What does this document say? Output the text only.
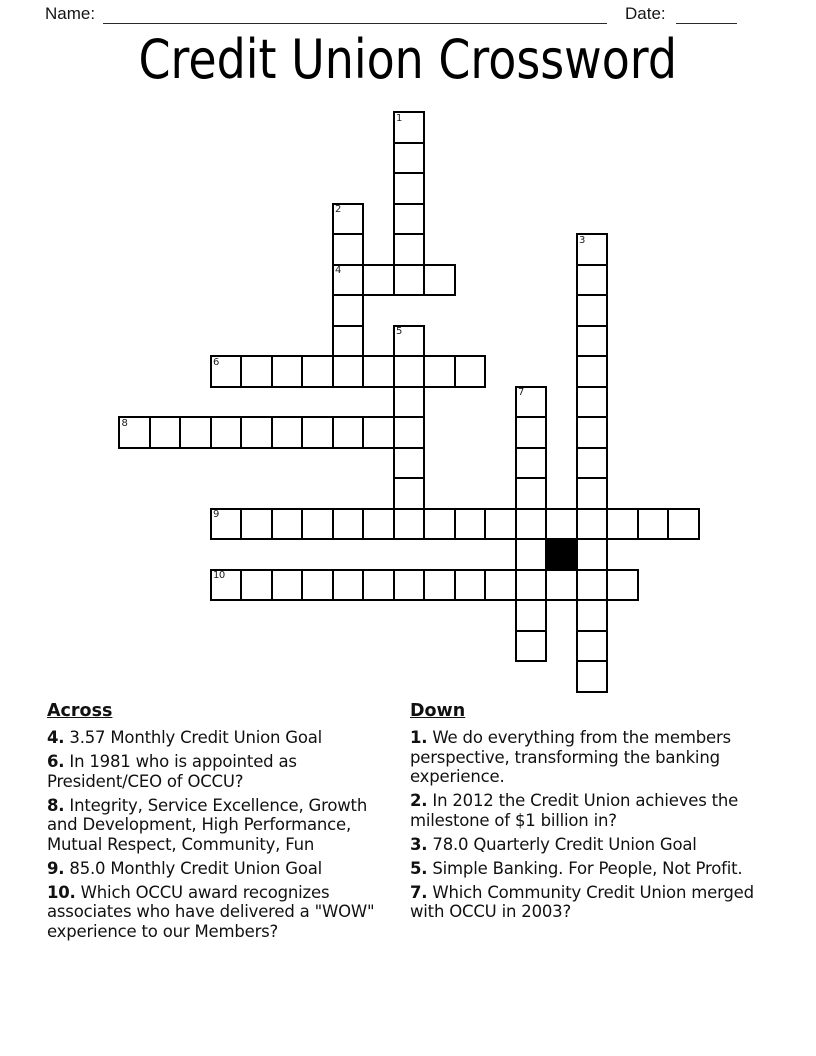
Name:	Date:
Credit Union Crossword
1
2
4
3
5
6
7
8
9
10
Across

4. 3.57 Monthly Credit Union Goal

6. In 1981 who is appointed as President/CEO of OCCU?

8. Integrity, Service Excellence, Growth and Development, High Performance, Mutual Respect, Community, Fun

9. 85.0 Monthly Credit Union Goal

10. Which OCCU award recognizes associates who have delivered a "WOW" experience to our Members?

Down

1. We do everything from the members perspective, transforming the banking experience.

2. In 2012 the Credit Union achieves the milestone of $1 billion in?

3. 78.0 Quarterly Credit Union Goal

5. Simple Banking. For People, Not Profit.

7. Which Community Credit Union merged with OCCU in 2003?
